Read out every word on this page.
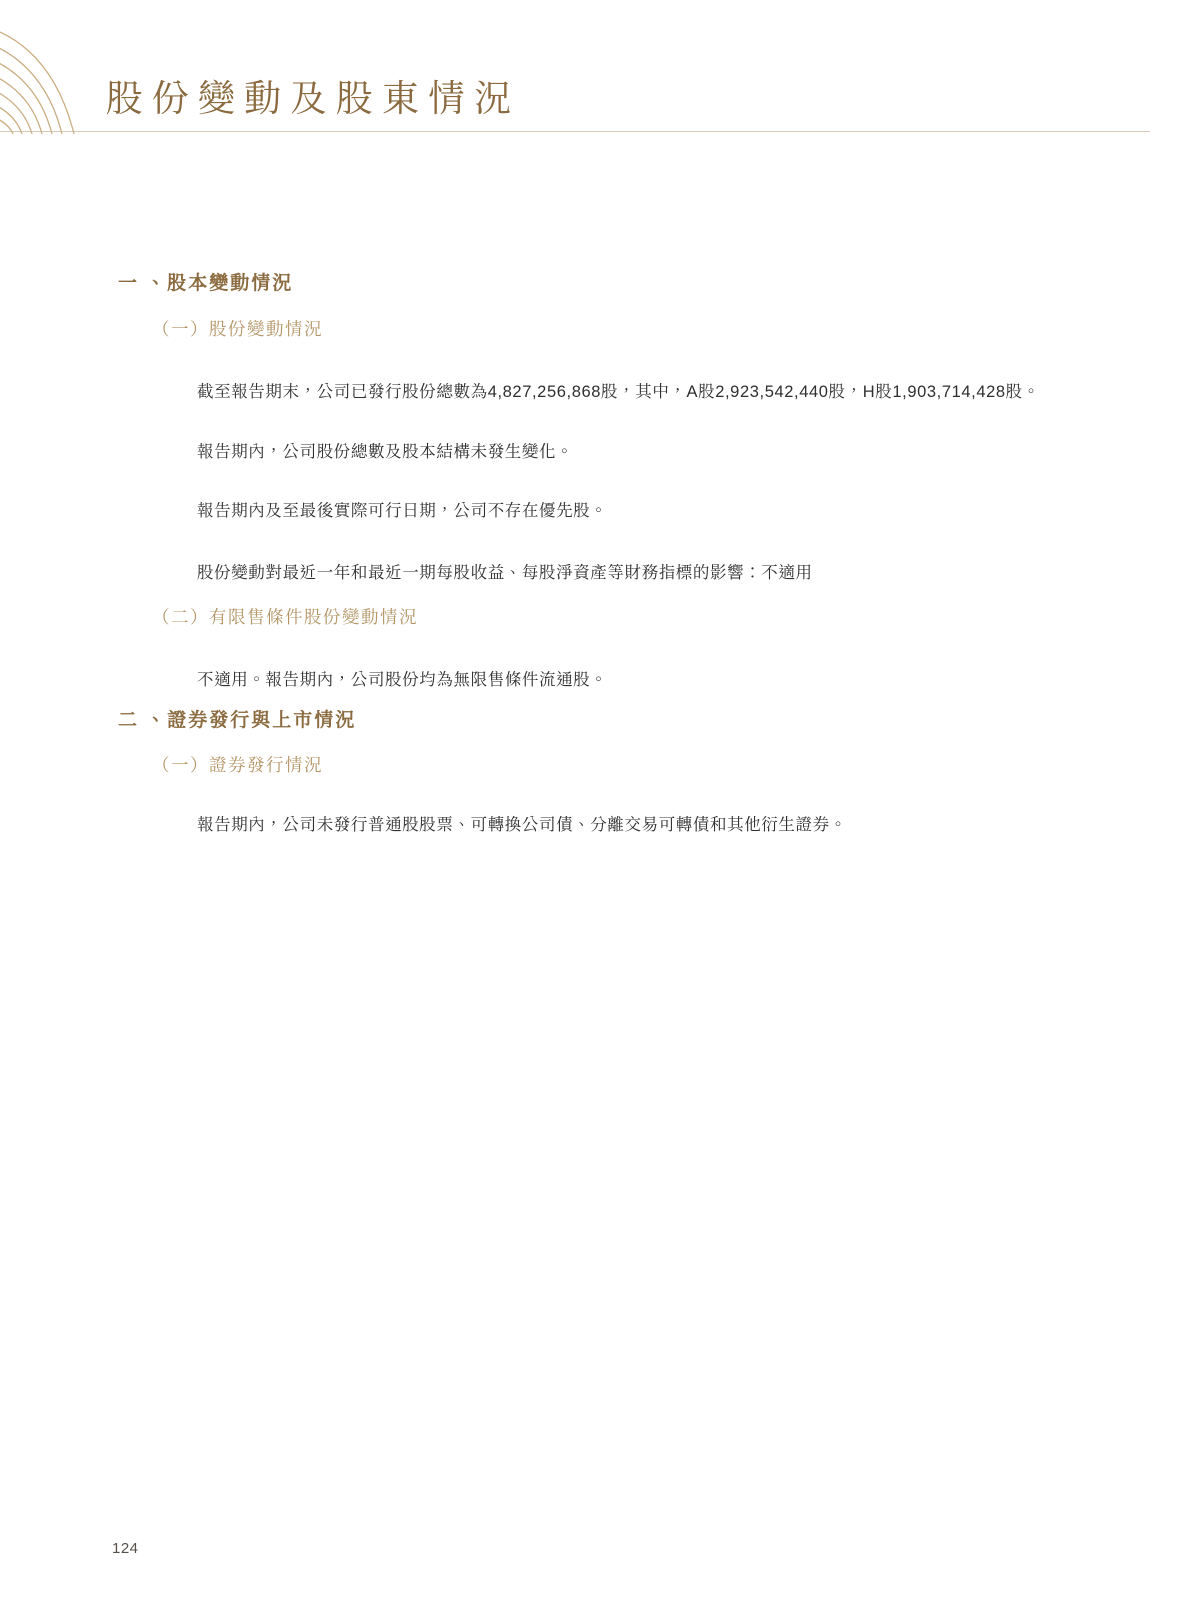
股份變動及股東情況
一 、股本變動情況
（一）股份變動情況

截至報告期末，公司已發行股份總數為4,827,256,868股，其中，A股2,923,542,440股，H股1,903,714,428股。

報告期內，公司股份總數及股本結構未發生變化。

報告期內及至最後實際可行日期，公司不存在優先股。

股份變動對最近一年和最近一期每股收益、每股淨資產等財務指標的影響：不適用

（二）有限售條件股份變動情況

不適用。報告期內，公司股份均為無限售條件流通股。

二 、證券發行與上市情況
（一）證券發行情況

報告期內，公司未發行普通股股票、可轉換公司債、分離交易可轉債和其他衍生證券。

124
